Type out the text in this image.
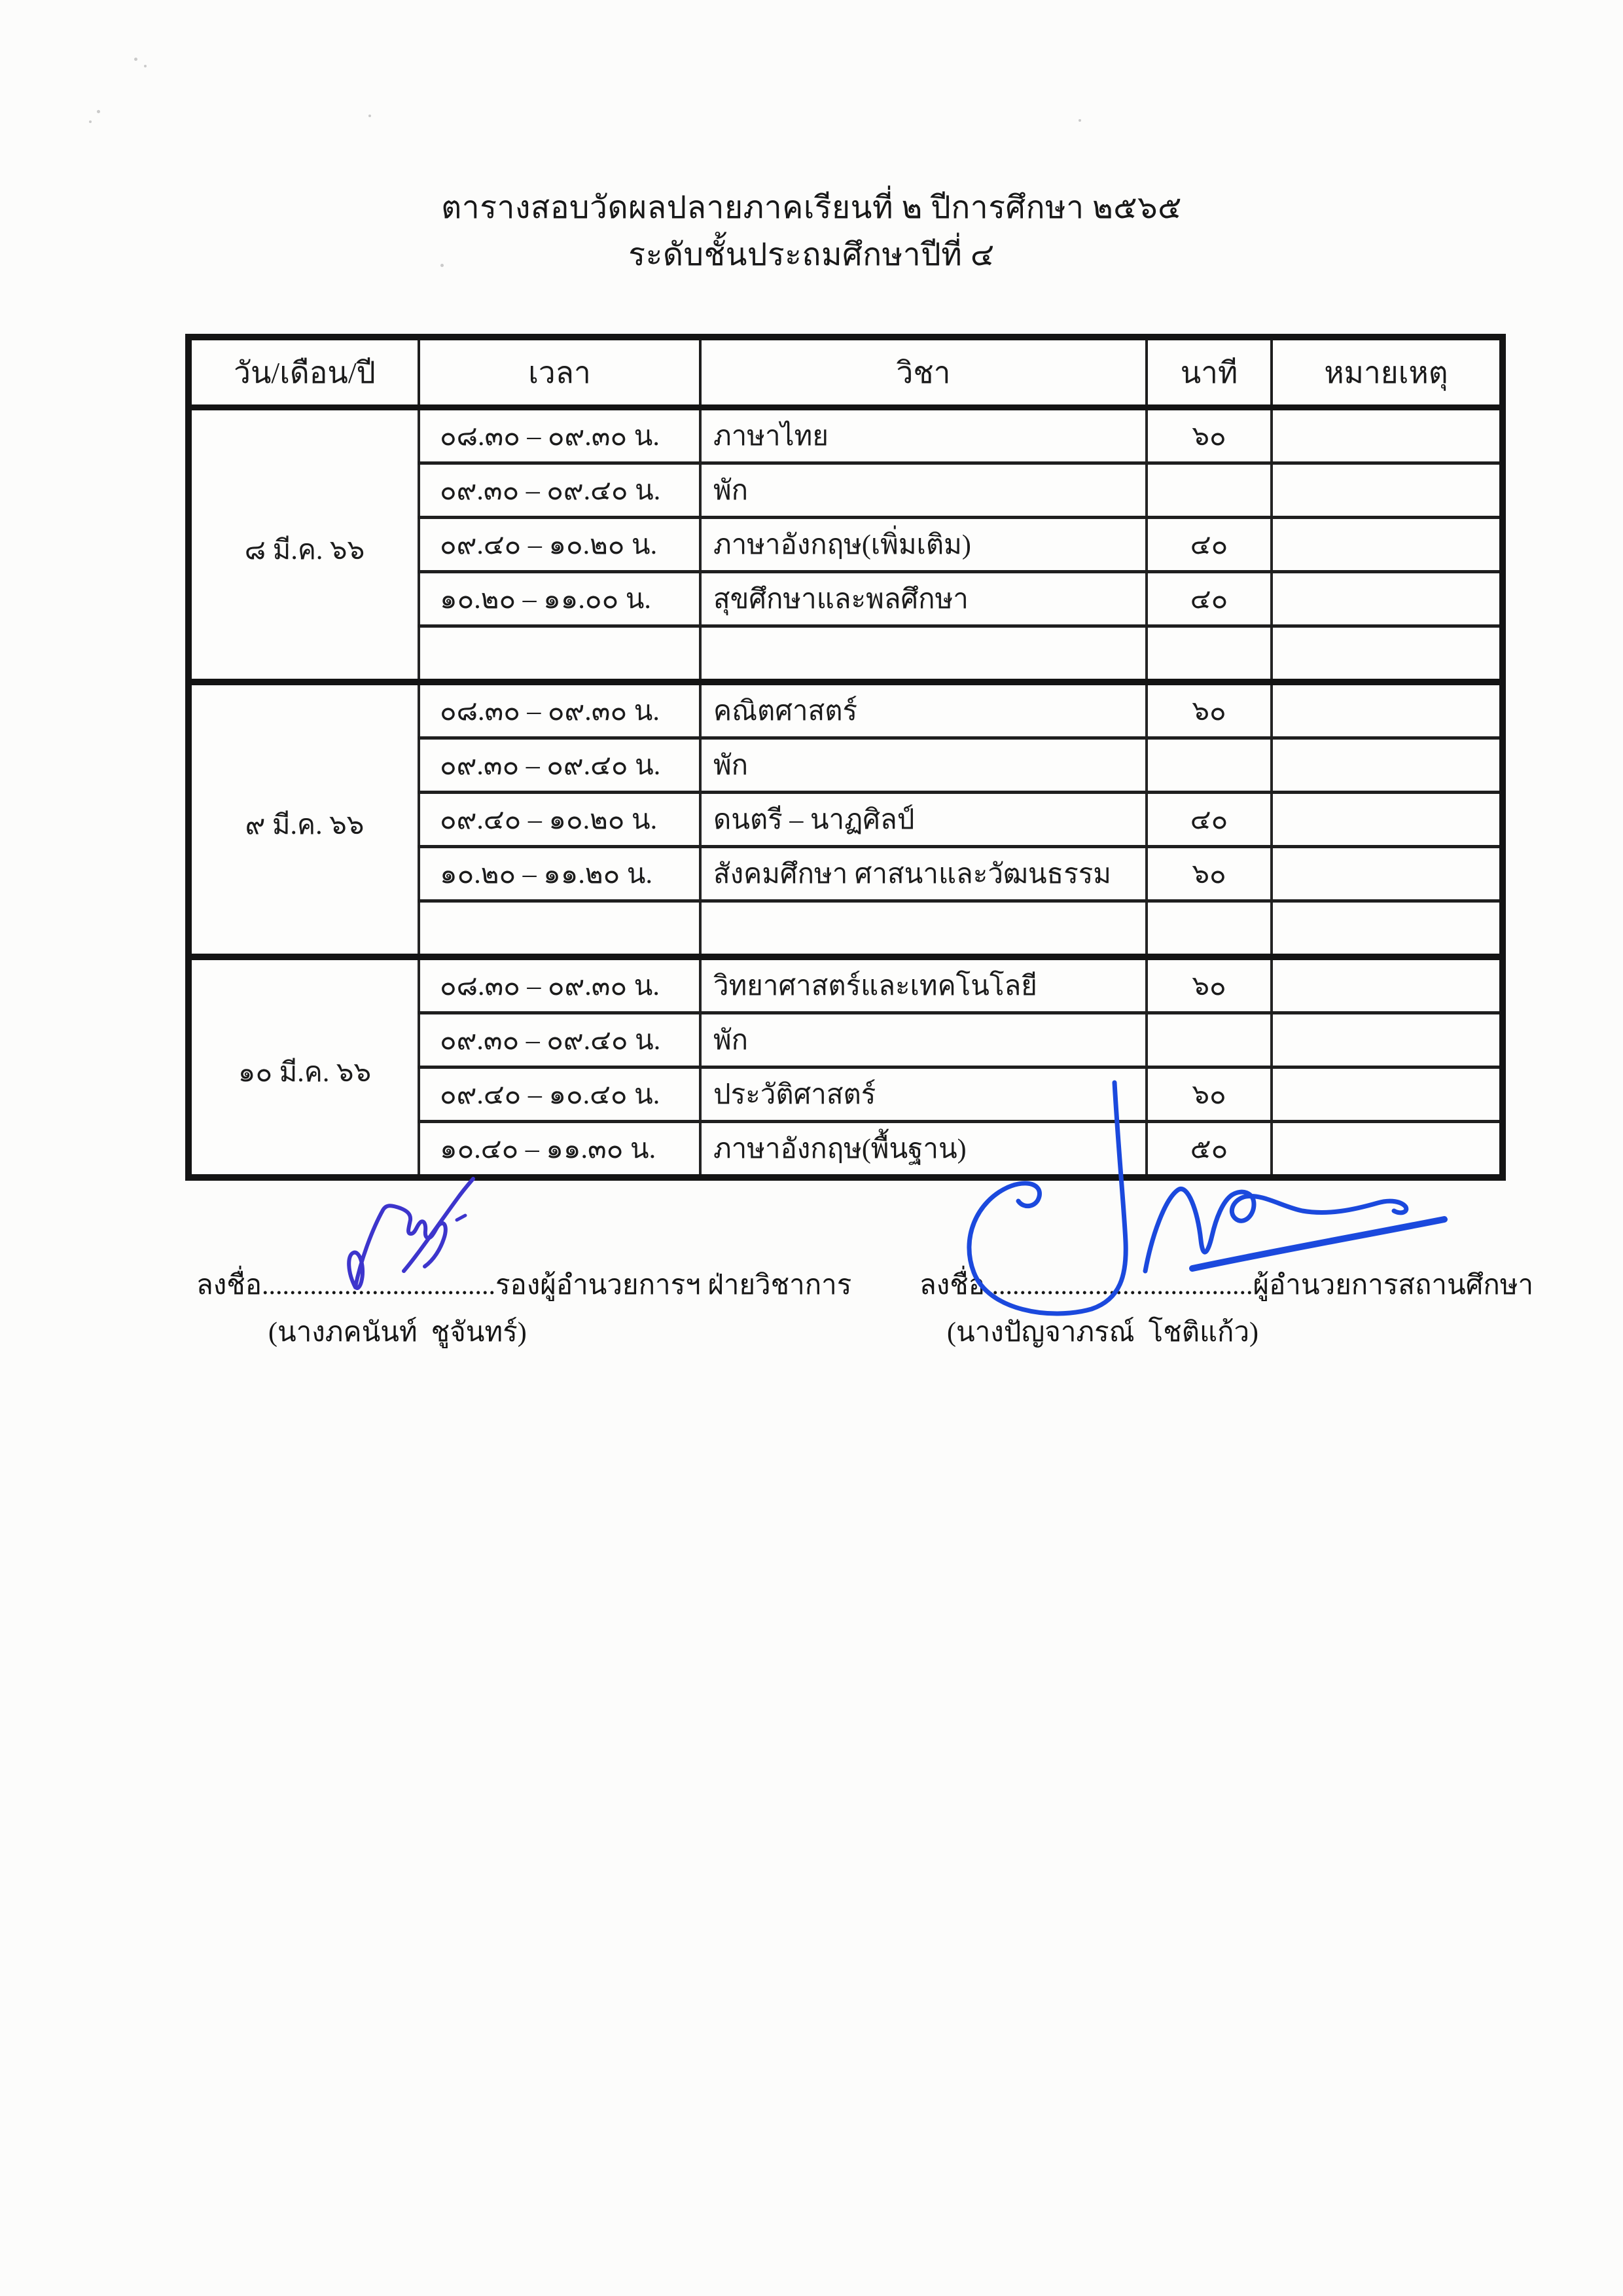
ตารางสอบวัดผลปลายภาคเรียนที่ ๒ ปีการศึกษา ๒๕๖๕
ระดับชั้นประถมศึกษาปีที่ ๔
วัน/เดือน/ปี	เวลา	วิชา	นาที	หมายเหตุ
๘ มี.ค. ๖๖	๐๘.๓๐ – ๐๙.๓๐ น.	ภาษาไทย	๖๐	
	๐๙.๓๐ – ๐๙.๔๐ น.	พัก		
	๐๙.๔๐ – ๑๐.๒๐ น.	ภาษาอังกฤษ(เพิ่มเติม)	๔๐	
	๑๐.๒๐ – ๑๑.๐๐ น.	สุขศึกษาและพลศึกษา	๔๐	

๙ มี.ค. ๖๖	๐๘.๓๐ – ๐๙.๓๐ น.	คณิตศาสตร์	๖๐	
	๐๙.๓๐ – ๐๙.๔๐ น.	พัก		
	๐๙.๔๐ – ๑๐.๒๐ น.	ดนตรี – นาฏศิลป์	๔๐	
	๑๐.๒๐ – ๑๑.๒๐ น.	สังคมศึกษา ศาสนาและวัฒนธรรม	๖๐	

๑๐ มี.ค. ๖๖	๐๘.๓๐ – ๐๙.๓๐ น.	วิทยาศาสตร์และเทคโนโลยี	๖๐	
	๐๙.๓๐ – ๐๙.๔๐ น.	พัก		
	๐๙.๔๐ – ๑๐.๔๐ น.	ประวัติศาสตร์	๖๐	
	๑๐.๔๐ – ๑๑.๓๐ น.	ภาษาอังกฤษ(พื้นฐาน)	๕๐	
ลงชื่อ..................................รองผู้อำนวยการฯ ฝ่ายวิชาการ
(นางภคนันท์  ชูจันทร์)
ลงชื่อ.......................................ผู้อำนวยการสถานศึกษา
(นางปัญจาภรณ์  โชติแก้ว)
